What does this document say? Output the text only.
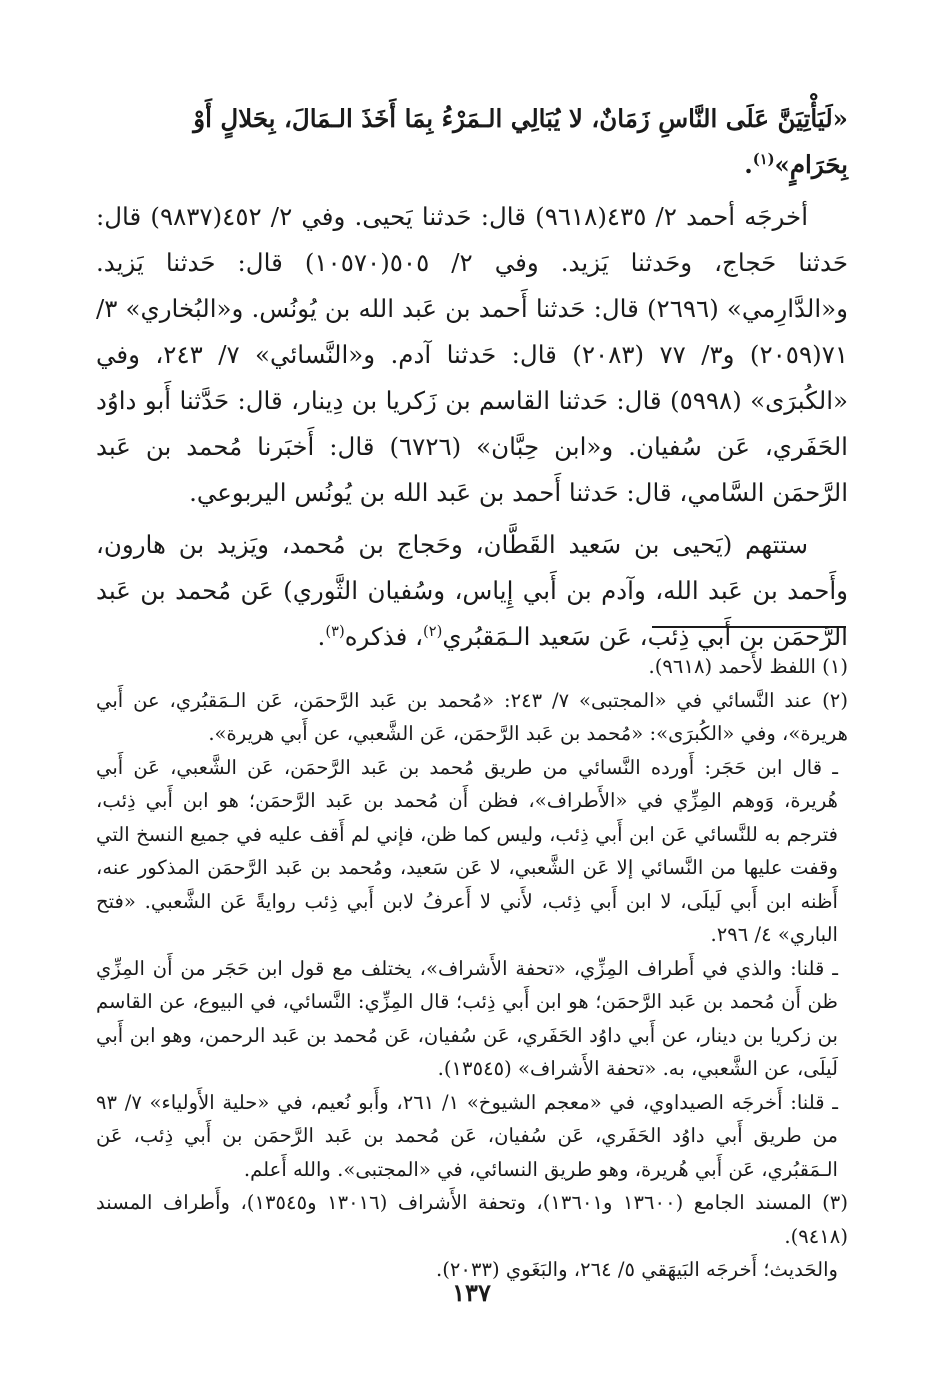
«لَيَأْتِيَنَّ عَلَى النَّاسِ زَمَانٌ، لا يُبَالِي الـمَرْءُ بِمَا أَخَذَ الـمَالَ، بِحَلالٍ أَوْ بِحَرَامٍ»$^{(١)}$.

أخرجَه أحمد ٢/ ٤٣٥(٩٦١٨) قال: حَدثنا يَحيى. وفي ٢/ ٤٥٢(٩٨٣٧) قال: حَدثنا حَجاج، وحَدثنا يَزيد. وفي ٢/ ٥٠٥(١٠٥٧٠) قال: حَدثنا يَزيد. و«الدَّارِمي» (٢٦٩٦) قال: حَدثنا أَحمد بن عَبد الله بن يُونُس. و«البُخاري» ٣/ ٧١(٢٠٥٩) و٣/ ٧٧ (٢٠٨٣) قال: حَدثنا آدم. و«النَّسائي» ٧/ ٢٤٣، وفي «الكُبرَى» (٥٩٩٨) قال: حَدثنا القاسم بن زَكريا بن دِينار، قال: حَدَّثنا أَبو داوُد الحَفَري، عَن سُفيان. و«ابن حِبَّان» (٦٧٢٦) قال: أَخبَرنا مُحمد بن عَبد الرَّحمَن السَّامي، قال: حَدثنا أَحمد بن عَبد الله بن يُونُس اليربوعي.

ستتهم (يَحيى بن سَعيد القَطَّان، وحَجاج بن مُحمد، ويَزيد بن هارون، وأَحمد بن عَبد الله، وآدم بن أَبي إِياس، وسُفيان الثَّوري) عَن مُحمد بن عَبد الرَّحمَن بن أَبي ذِئب، عَن سَعيد الـمَقبُري$^{(٢)}$، فذكره$^{(٣)}$.

(١) اللفظ لأَحمد (٩٦١٨).

(٢) عند النَّسائي في «المجتبى» ٧/ ٢٤٣: «مُحمد بن عَبد الرَّحمَن، عَن الـمَقبُري، عن أَبي هريرة»، وفي «الكُبرَى»: «مُحمد بن عَبد الرَّحمَن، عَن الشَّعبي، عن أَبي هريرة».

ـ قال ابن حَجَر: أَورده النَّسائي من طريق مُحمد بن عَبد الرَّحمَن، عَن الشَّعبي، عَن أَبي هُريرة، وَوهم المِزِّي في «الأَطراف»، فظن أَن مُحمد بن عَبد الرَّحمَن؛ هو ابن أَبي ذِئب، فترجم به للنَّسائي عَن ابن أَبي ذِئب، وليس كما ظن، فإني لم أَقف عليه في جميع النسخ التي وقفت عليها من النَّسائي إلا عَن الشَّعبي، لا عَن سَعيد، ومُحمد بن عَبد الرَّحمَن المذكور عنه، أَظنه ابن أَبي لَيلَى، لا ابن أَبي ذِئب، لأَني لا أَعرفُ لابن أَبي ذِئب روايةً عَن الشَّعبي. «فتح الباري» ٤/ ٢٩٦.

ـ قلنا: والذي في أَطراف المِزِّي، «تحفة الأَشراف»، يختلف مع قول ابن حَجَر من أَن المِزِّي ظن أَن مُحمد بن عَبد الرَّحمَن؛ هو ابن أَبي ذِئب؛ قال المِزِّي: النَّسائي، في البيوع، عن القاسم بن زكريا بن دينار، عن أَبي داوُد الحَفَري، عَن سُفيان، عَن مُحمد بن عَبد الرحمن، وهو ابن أَبي لَيلَى، عن الشَّعبي، به. «تحفة الأَشراف» (١٣٥٤٥).

ـ قلنا: أَخرجَه الصيداوي، في «معجم الشيوخ» ١/ ٢٦١، وأَبو نُعيم، في «حلية الأَولياء» ٧/ ٩٣ من طريق أَبي داوُد الحَفَري، عَن سُفيان، عَن مُحمد بن عَبد الرَّحمَن بن أَبي ذِئب، عَن الـمَقبُري، عَن أَبي هُريرة، وهو طريق النسائي، في «المجتبى». والله أَعلم.

(٣) المسند الجامع (١٣٦٠٠ و١٣٦٠١)، وتحفة الأَشراف (١٣٠١٦ و١٣٥٤٥)، وأَطراف المسند (٩٤١٨).

والحَديث؛ أَخرجَه البَيهَقي ٥/ ٢٦٤، والبَغَوي (٢٠٣٣).

١٣٧
